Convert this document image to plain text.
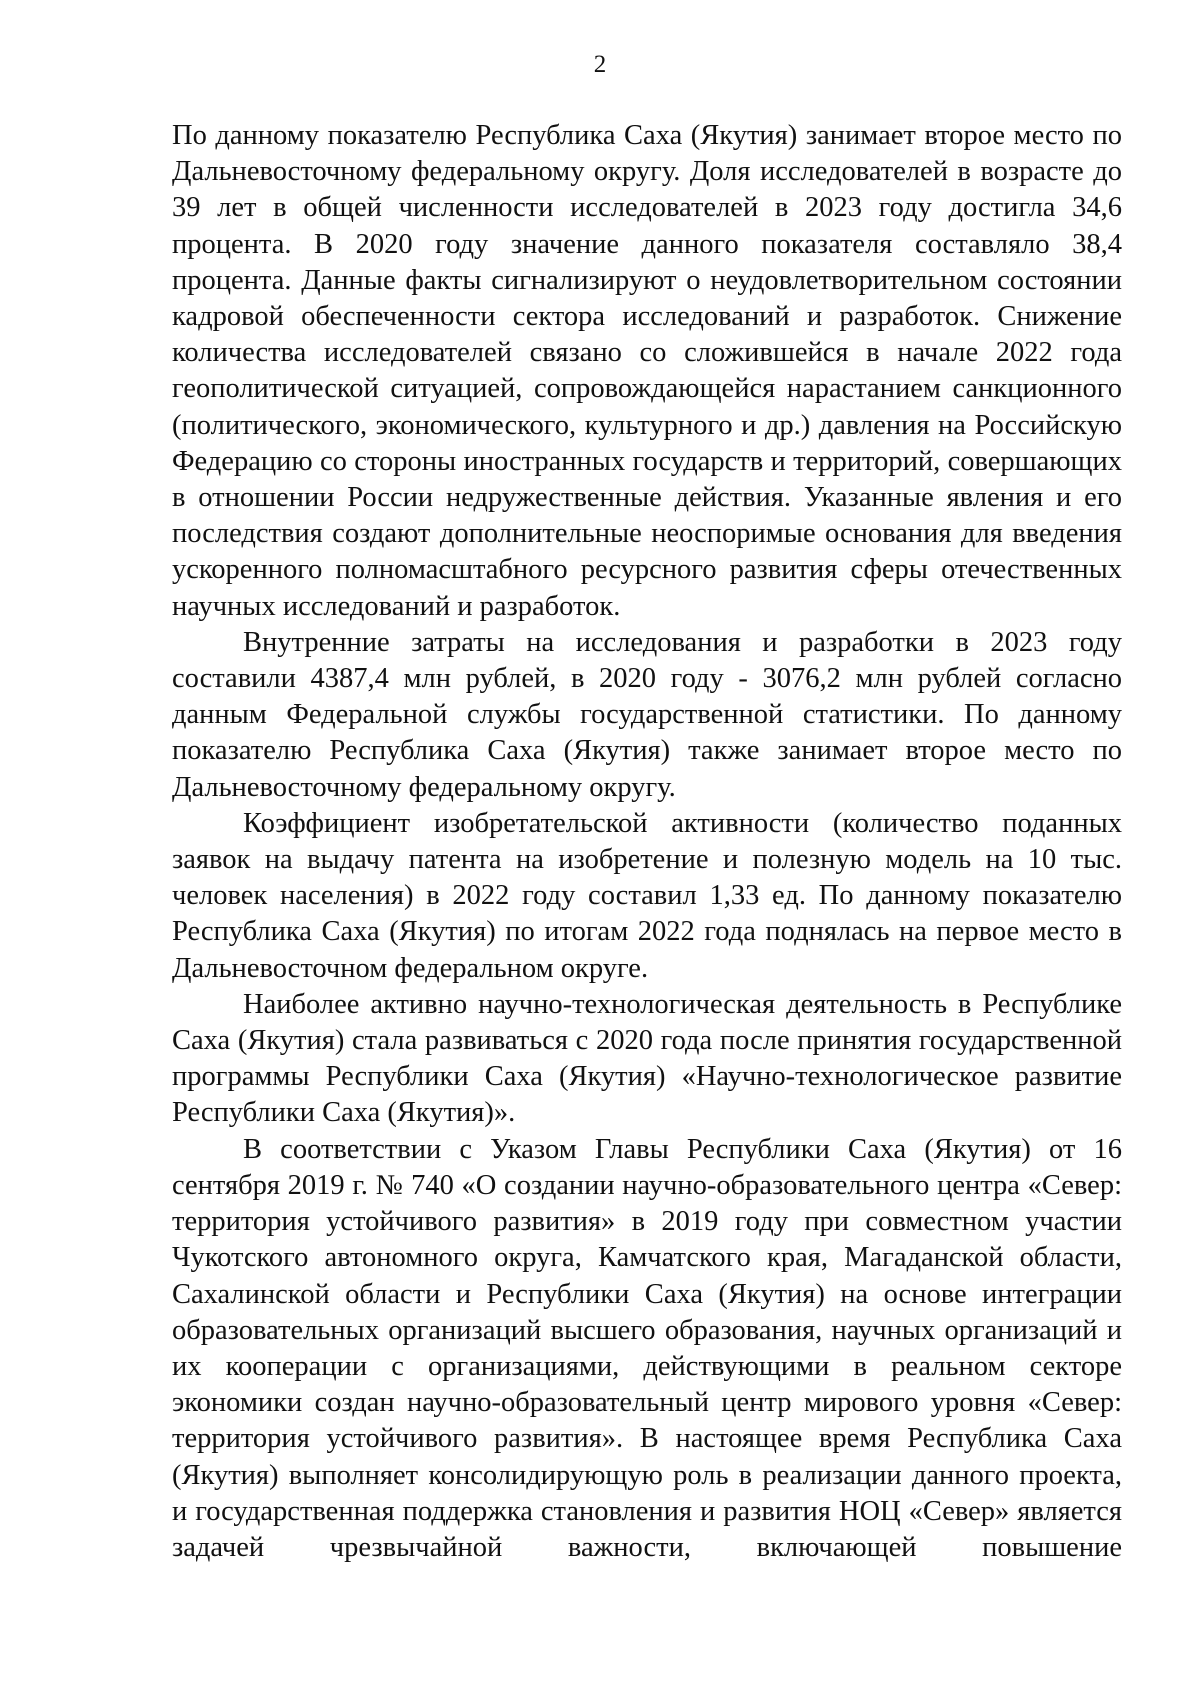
2

По данному показателю Республика Саха (Якутия) занимает второе место по Дальневосточному федеральному округу. Доля исследователей в возрасте до 39 лет в общей численности исследователей в 2023 году достигла 34,6 процента. В 2020 году значение данного показателя составляло 38,4 процента. Данные факты сигнализируют о неудовлетворительном состоянии кадровой обеспеченности сектора исследований и разработок. Снижение количества исследователей связано со сложившейся в начале 2022 года геополитической ситуацией, сопровождающейся нарастанием санкционного (политического, экономического, культурного и др.) давления на Российскую Федерацию со стороны иностранных государств и территорий, совершающих в отношении России недружественные действия. Указанные явления и его последствия создают дополнительные неоспоримые основания для введения ускоренного полномасштабного ресурсного развития сферы отечественных научных исследований и разработок.

Внутренние затраты на исследования и разработки в 2023 году составили 4387,4 млн рублей, в 2020 году - 3076,2 млн рублей согласно данным Федеральной службы государственной статистики. По данному показателю Республика Саха (Якутия) также занимает второе место по Дальневосточному федеральному округу.

Коэффициент изобретательской активности (количество поданных заявок на выдачу патента на изобретение и полезную модель на 10 тыс. человек населения) в 2022 году составил 1,33 ед. По данному показателю Республика Саха (Якутия) по итогам 2022 года поднялась на первое место в Дальневосточном федеральном округе.

Наиболее активно научно-технологическая деятельность в Республике Саха (Якутия) стала развиваться с 2020 года после принятия государственной программы Республики Саха (Якутия) «Научно-технологическое развитие Республики Саха (Якутия)».

В соответствии с Указом Главы Республики Саха (Якутия) от 16 сентября 2019 г. № 740 «О создании научно-образовательного центра «Север: территория устойчивого развития» в 2019 году при совместном участии Чукотского автономного округа, Камчатского края, Магаданской области, Сахалинской области и Республики Саха (Якутия) на основе интеграции образовательных организаций высшего образования, научных организаций и их кооперации с организациями, действующими в реальном секторе экономики создан научно-образовательный центр мирового уровня «Север: территория устойчивого развития». В настоящее время Республика Саха (Якутия) выполняет консолидирующую роль в реализации данного проекта, и государственная поддержка становления и развития НОЦ «Север» является задачей чрезвычайной важности, включающей повышение
